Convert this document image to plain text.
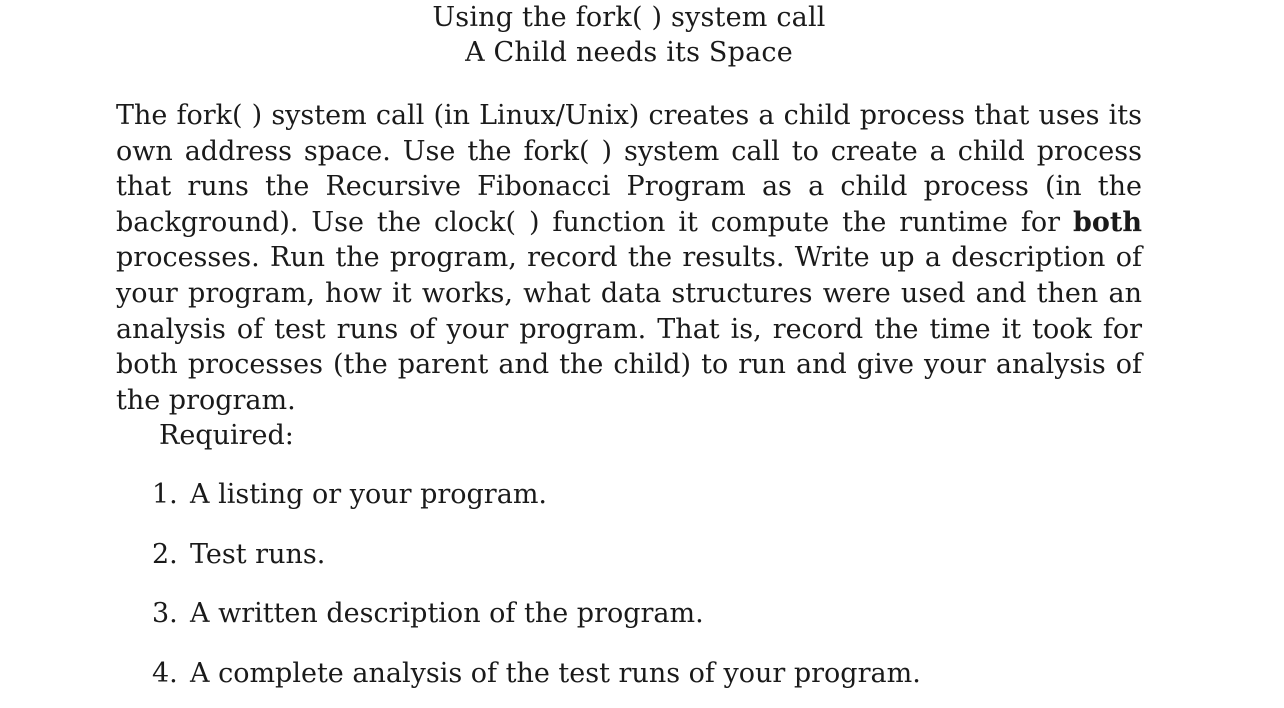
Using the fork( ) system call
A Child needs its Space

The fork( ) system call (in Linux/Unix) creates a child process that uses its own address space. Use the fork( ) system call to create a child process that runs the Recursive Fibonacci Program as a child process (in the background). Use the clock( ) function it compute the runtime for both processes. Run the program, record the results. Write up a description of your program, how it works, what data structures were used and then an analysis of test runs of your program. That is, record the time it took for both processes (the parent and the child) to run and give your analysis of the program.

Required:
1. A listing or your program.
2. Test runs.
3. A written description of the program.
4. A complete analysis of the test runs of your program.
